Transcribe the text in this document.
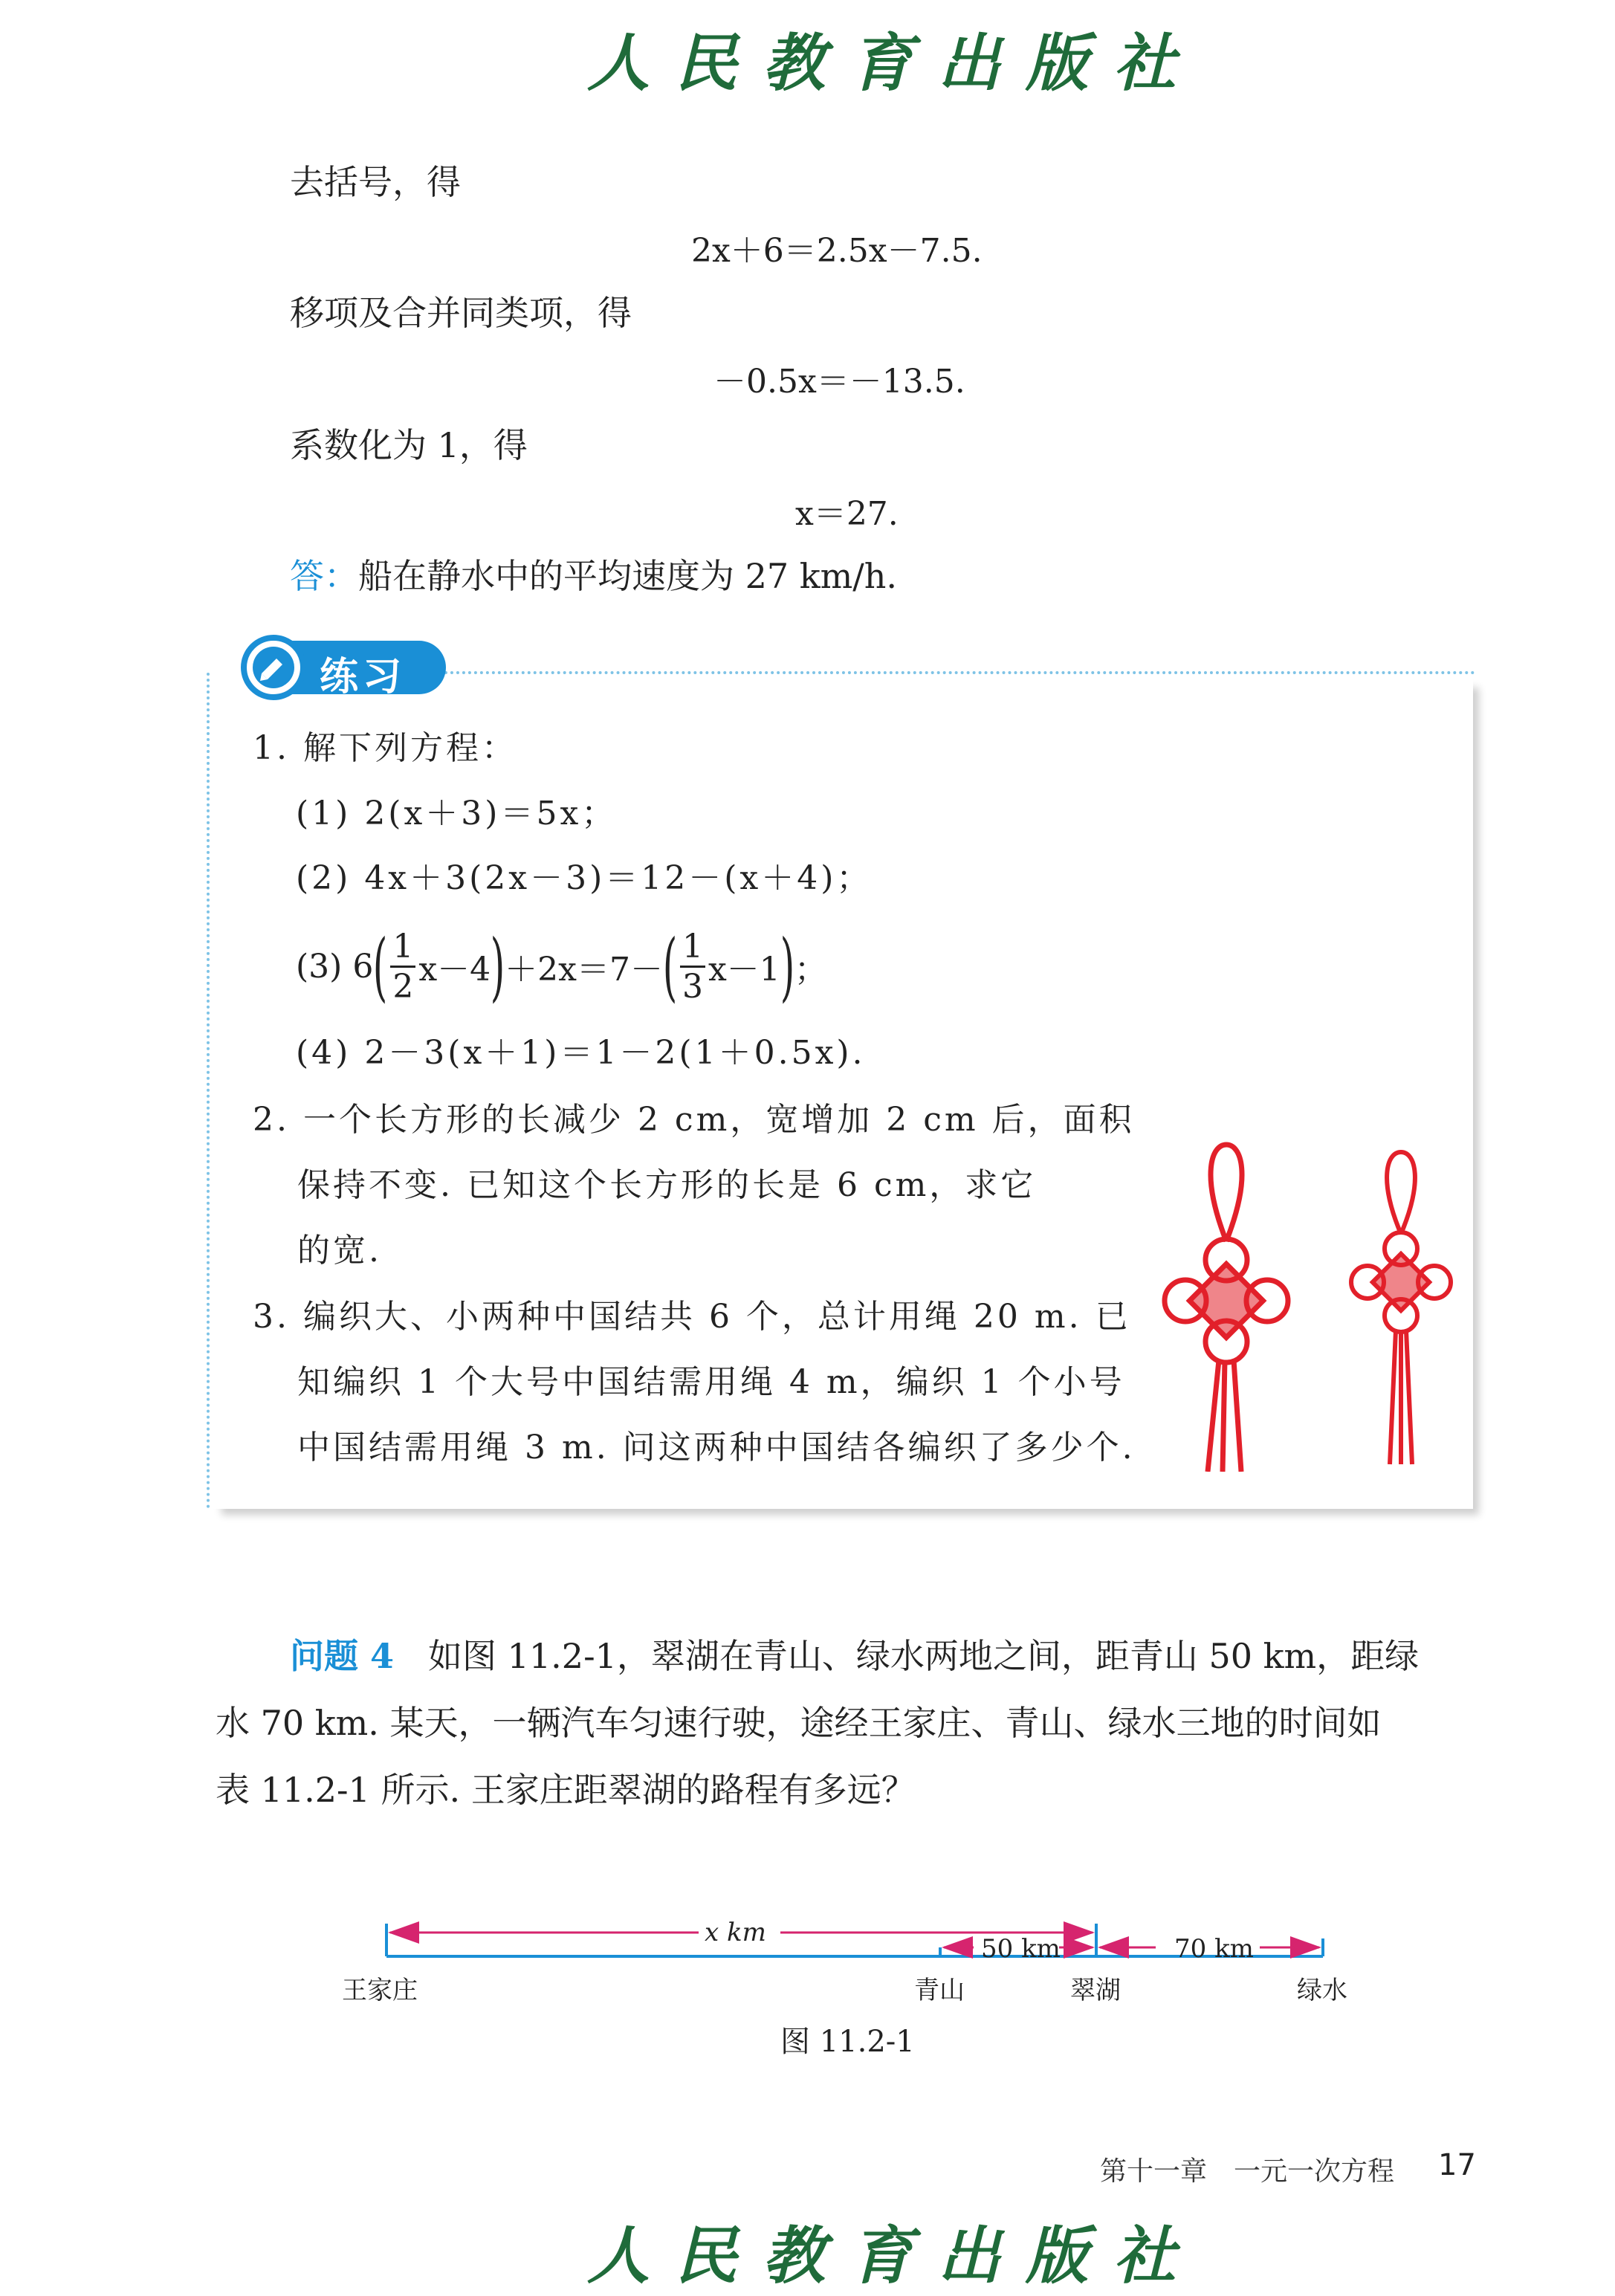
人民教育出版社
人民教育出版社
去括号，得
2x＋6＝2.5x－7.5.
移项及合并同类项，得
－0.5x＝－13.5.
系数化为 1，得
x＝27.
答：船在静水中的平均速度为 27 km/h.
练习
1. 解下列方程：
(1) 2(x＋3)＝5x；
(2) 4x＋3(2x－3)＝12－(x＋4)；
(3) 6 ( 1
2 x－4 ) ＋2x＝7－ ( 1
3 x－1 ) ；
(4) 2－3(x＋1)＝1－2(1＋0.5x).
2. 一个长方形的长减少 2 cm，宽增加 2 cm 后，面积
保持不变. 已知这个长方形的长是 6 cm，求它
的宽.
3. 编织大、小两种中国结共 6 个，总计用绳 20 m. 已
知编织 1 个大号中国结需用绳 4 m，编织 1 个小号
中国结需用绳 3 m. 问这两种中国结各编织了多少个.
问题 4 如图 11.2-1，翠湖在青山、绿水两地之间，距青山 50 km，距绿
水 70 km. 某天，一辆汽车匀速行驶，途经王家庄、青山、绿水三地的时间如
表 11.2-1 所示. 王家庄距翠湖的路程有多远？
x km
50 km	70 km
王家庄	青山	翠湖	绿水
图 11.2-1
第十一章　一元一次方程 17
